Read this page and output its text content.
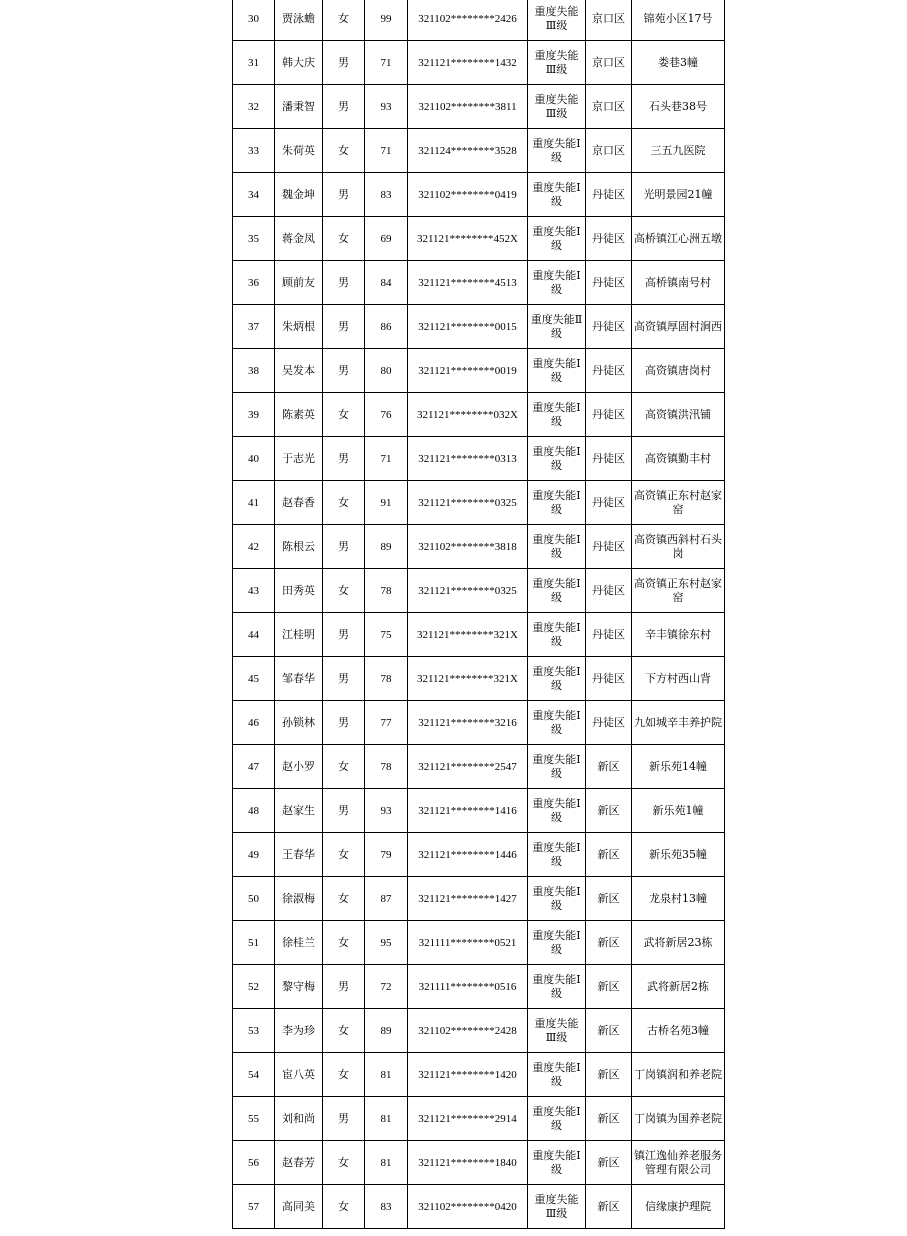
30	贾泳蟾	女	99	321102********2426	重度失能Ⅲ级	京口区	锦苑小区17号
31	韩大庆	男	71	321121********1432	重度失能Ⅲ级	京口区	娄巷3幢
32	潘秉智	男	93	321102********3811	重度失能Ⅲ级	京口区	石头巷38号
33	朱荷英	女	71	321124********3528	重度失能Ⅰ级	京口区	三五九医院
34	魏金坤	男	83	321102********0419	重度失能Ⅰ级	丹徒区	光明景园21幢
35	蒋金凤	女	69	321121********452X	重度失能Ⅰ级	丹徒区	高桥镇江心洲五墩
36	顾前友	男	84	321121********4513	重度失能Ⅰ级	丹徒区	高桥镇南号村
37	朱炳根	男	86	321121********0015	重度失能Ⅱ级	丹徒区	高资镇厚固村涧西
38	吴发本	男	80	321121********0019	重度失能Ⅰ级	丹徒区	高资镇唐岗村
39	陈素英	女	76	321121********032X	重度失能Ⅰ级	丹徒区	高资镇洪汛铺
40	于志光	男	71	321121********0313	重度失能Ⅰ级	丹徒区	高资镇勤丰村
41	赵春香	女	91	321121********0325	重度失能Ⅰ级	丹徒区	高资镇正东村赵家窑
42	陈根云	男	89	321102********3818	重度失能Ⅰ级	丹徒区	高资镇西斜村石头岗
43	田秀英	女	78	321121********0325	重度失能Ⅰ级	丹徒区	高资镇正东村赵家窑
44	江桂明	男	75	321121********321X	重度失能Ⅰ级	丹徒区	辛丰镇徐东村
45	邹春华	男	78	321121********321X	重度失能Ⅰ级	丹徒区	下方村西山背
46	孙锁林	男	77	321121********3216	重度失能Ⅰ级	丹徒区	九如城辛丰养护院
47	赵小罗	女	78	321121********2547	重度失能Ⅰ级	新区	新乐苑14幢
48	赵家生	男	93	321121********1416	重度失能Ⅰ级	新区	新乐苑1幢
49	王春华	女	79	321121********1446	重度失能Ⅰ级	新区	新乐苑35幢
50	徐淑梅	女	87	321121********1427	重度失能Ⅰ级	新区	龙泉村13幢
51	徐桂兰	女	95	321111********0521	重度失能Ⅰ级	新区	武将新居23栋
52	黎守梅	男	72	321111********0516	重度失能Ⅰ级	新区	武将新居2栋
53	李为珍	女	89	321102********2428	重度失能Ⅲ级	新区	古桥名苑3幢
54	宦八英	女	81	321121********1420	重度失能Ⅰ级	新区	丁岗镇润和养老院
55	刘和尚	男	81	321121********2914	重度失能Ⅰ级	新区	丁岗镇为国养老院
56	赵春芳	女	81	321121********1840	重度失能Ⅰ级	新区	镇江逸仙养老服务管理有限公司
57	高同美	女	83	321102********0420	重度失能Ⅲ级	新区	信缘康护理院
